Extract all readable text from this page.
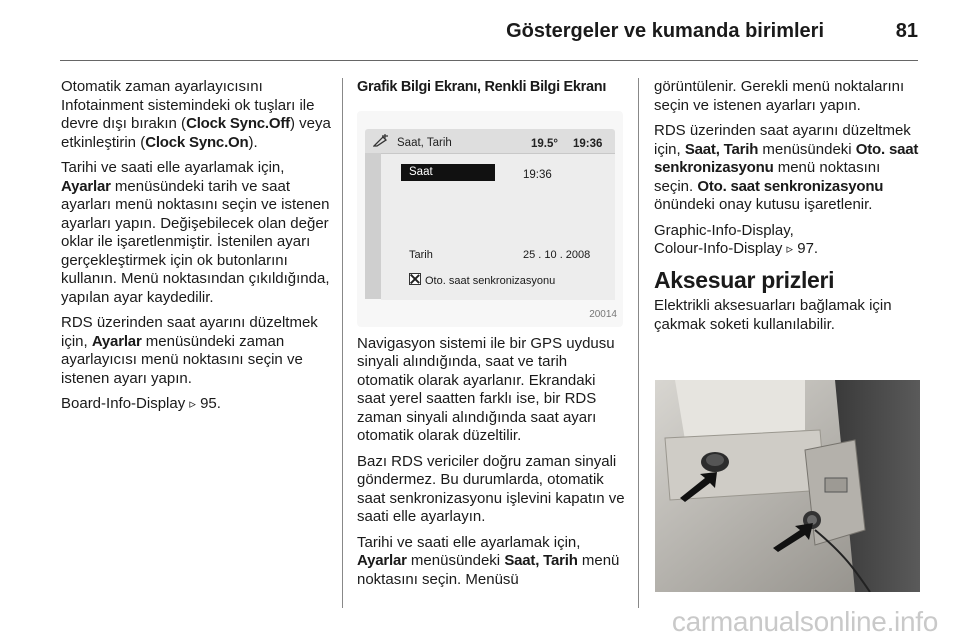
Göstergeler ve kumanda birimleri	81

Otomatik zaman ayarlayıcısını Infotainment sistemindeki ok tuşları ile devre dışı bırakın (Clock Sync.Off) veya etkinleştirin (Clock Sync.On).

Tarihi ve saati elle ayarlamak için, Ayarlar menüsündeki tarih ve saat ayarları menü noktasını seçin ve istenen ayarları yapın. Değişebilecek olan değer oklar ile işaretlenmiştir. İstenilen ayarı gerçekleştirmek için ok butonlarını kullanın. Menü noktasından çıkıldığında, yapılan ayar kaydedilir.

RDS üzerinden saat ayarını düzeltmek için, Ayarlar menüsündeki zaman ayarlayıcısı menü noktasını seçin ve istenen ayarı yapın.

Board-Info-Display ▹ 95.

Grafik Bilgi Ekranı, Renkli Bilgi Ekranı
Saat, Tarih	19.5° 19:36
Saat	19:36
Tarih	25 . 10 . 2008
Oto. saat senkronizasyonu
20014

Navigasyon sistemi ile bir GPS uydusu sinyali alındığında, saat ve tarih otomatik olarak ayarlanır. Ekrandaki saat yerel saatten farklı ise, bir RDS zaman sinyali alındığında saat ayarı otomatik olarak düzeltilir.

Bazı RDS vericiler doğru zaman sinyali göndermez. Bu durumlarda, otomatik saat senkronizasyonu işlevini kapatın ve saati elle ayarlayın.

Tarihi ve saati elle ayarlamak için, Ayarlar menüsündeki Saat, Tarih menü noktasını seçin. Menüsü

görüntülenir. Gerekli menü noktalarını seçin ve istenen ayarları yapın.

RDS üzerinden saat ayarını düzeltmek için, Saat, Tarih menüsündeki Oto. saat senkronizasyonu menü noktasını seçin. Oto. saat senkronizasyonu önündeki onay kutusu işaretlenir.

Graphic-Info-Display,
Colour-Info-Display ▹ 97.

Aksesuar prizleri

Elektrikli aksesuarları bağlamak için çakmak soketi kullanılabilir.

carmanualsonline.info
